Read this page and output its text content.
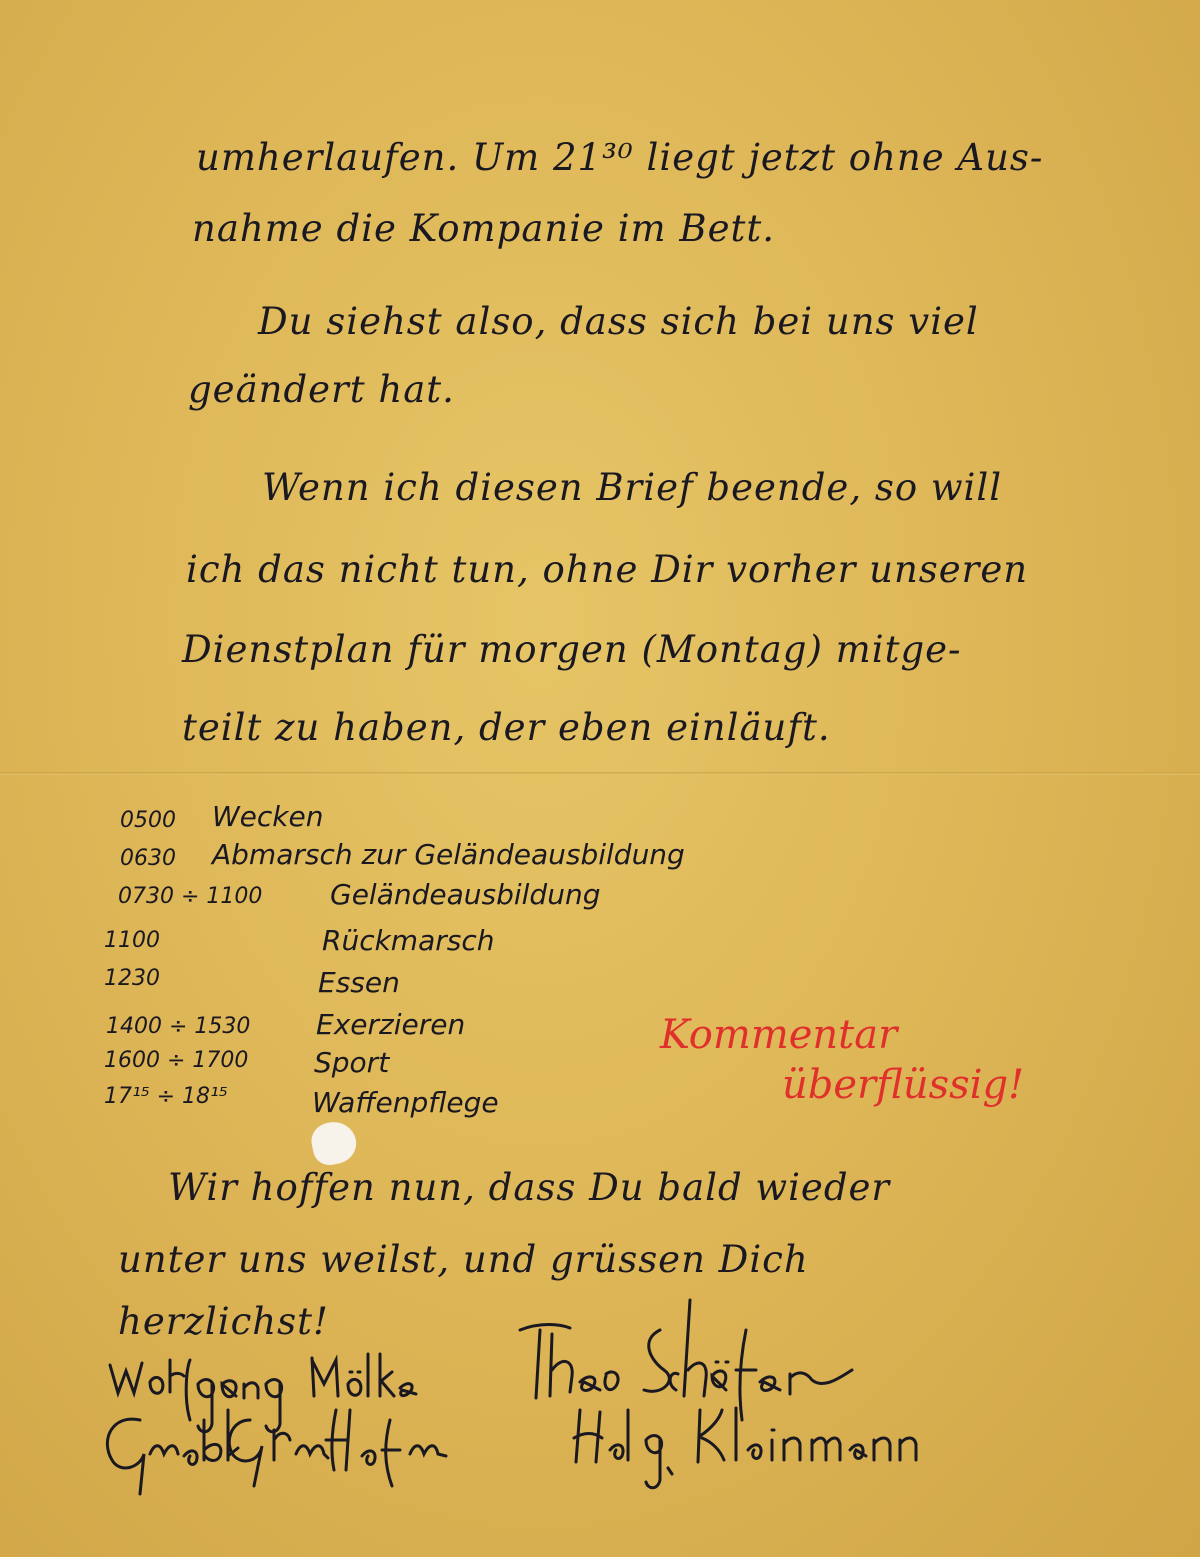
umherlaufen. Um 21³⁰ liegt jetzt ohne Aus-
nahme die Kompanie im Bett.
Du siehst also, dass sich bei uns viel
geändert hat.
Wenn ich diesen Brief beende, so will
ich das nicht tun, ohne Dir vorher unseren
Dienstplan für morgen (Montag) mitge-
teilt zu haben, der eben einläuft.
0500 Wecken
0630 Abmarsch zur Geländeausbildung
0730 ÷ 1100 Geländeausbildung
1100	Rückmarsch
1230	Essen
1400 ÷ 1530 Exerzieren
1600 ÷ 1700 Sport
17¹⁵ ÷ 18¹⁵	Waffenpflege
Kommentar
überflüssig!
Wir hoffen nun, dass Du bald wieder
unter uns weilst, und grüssen Dich
herzlichst!
